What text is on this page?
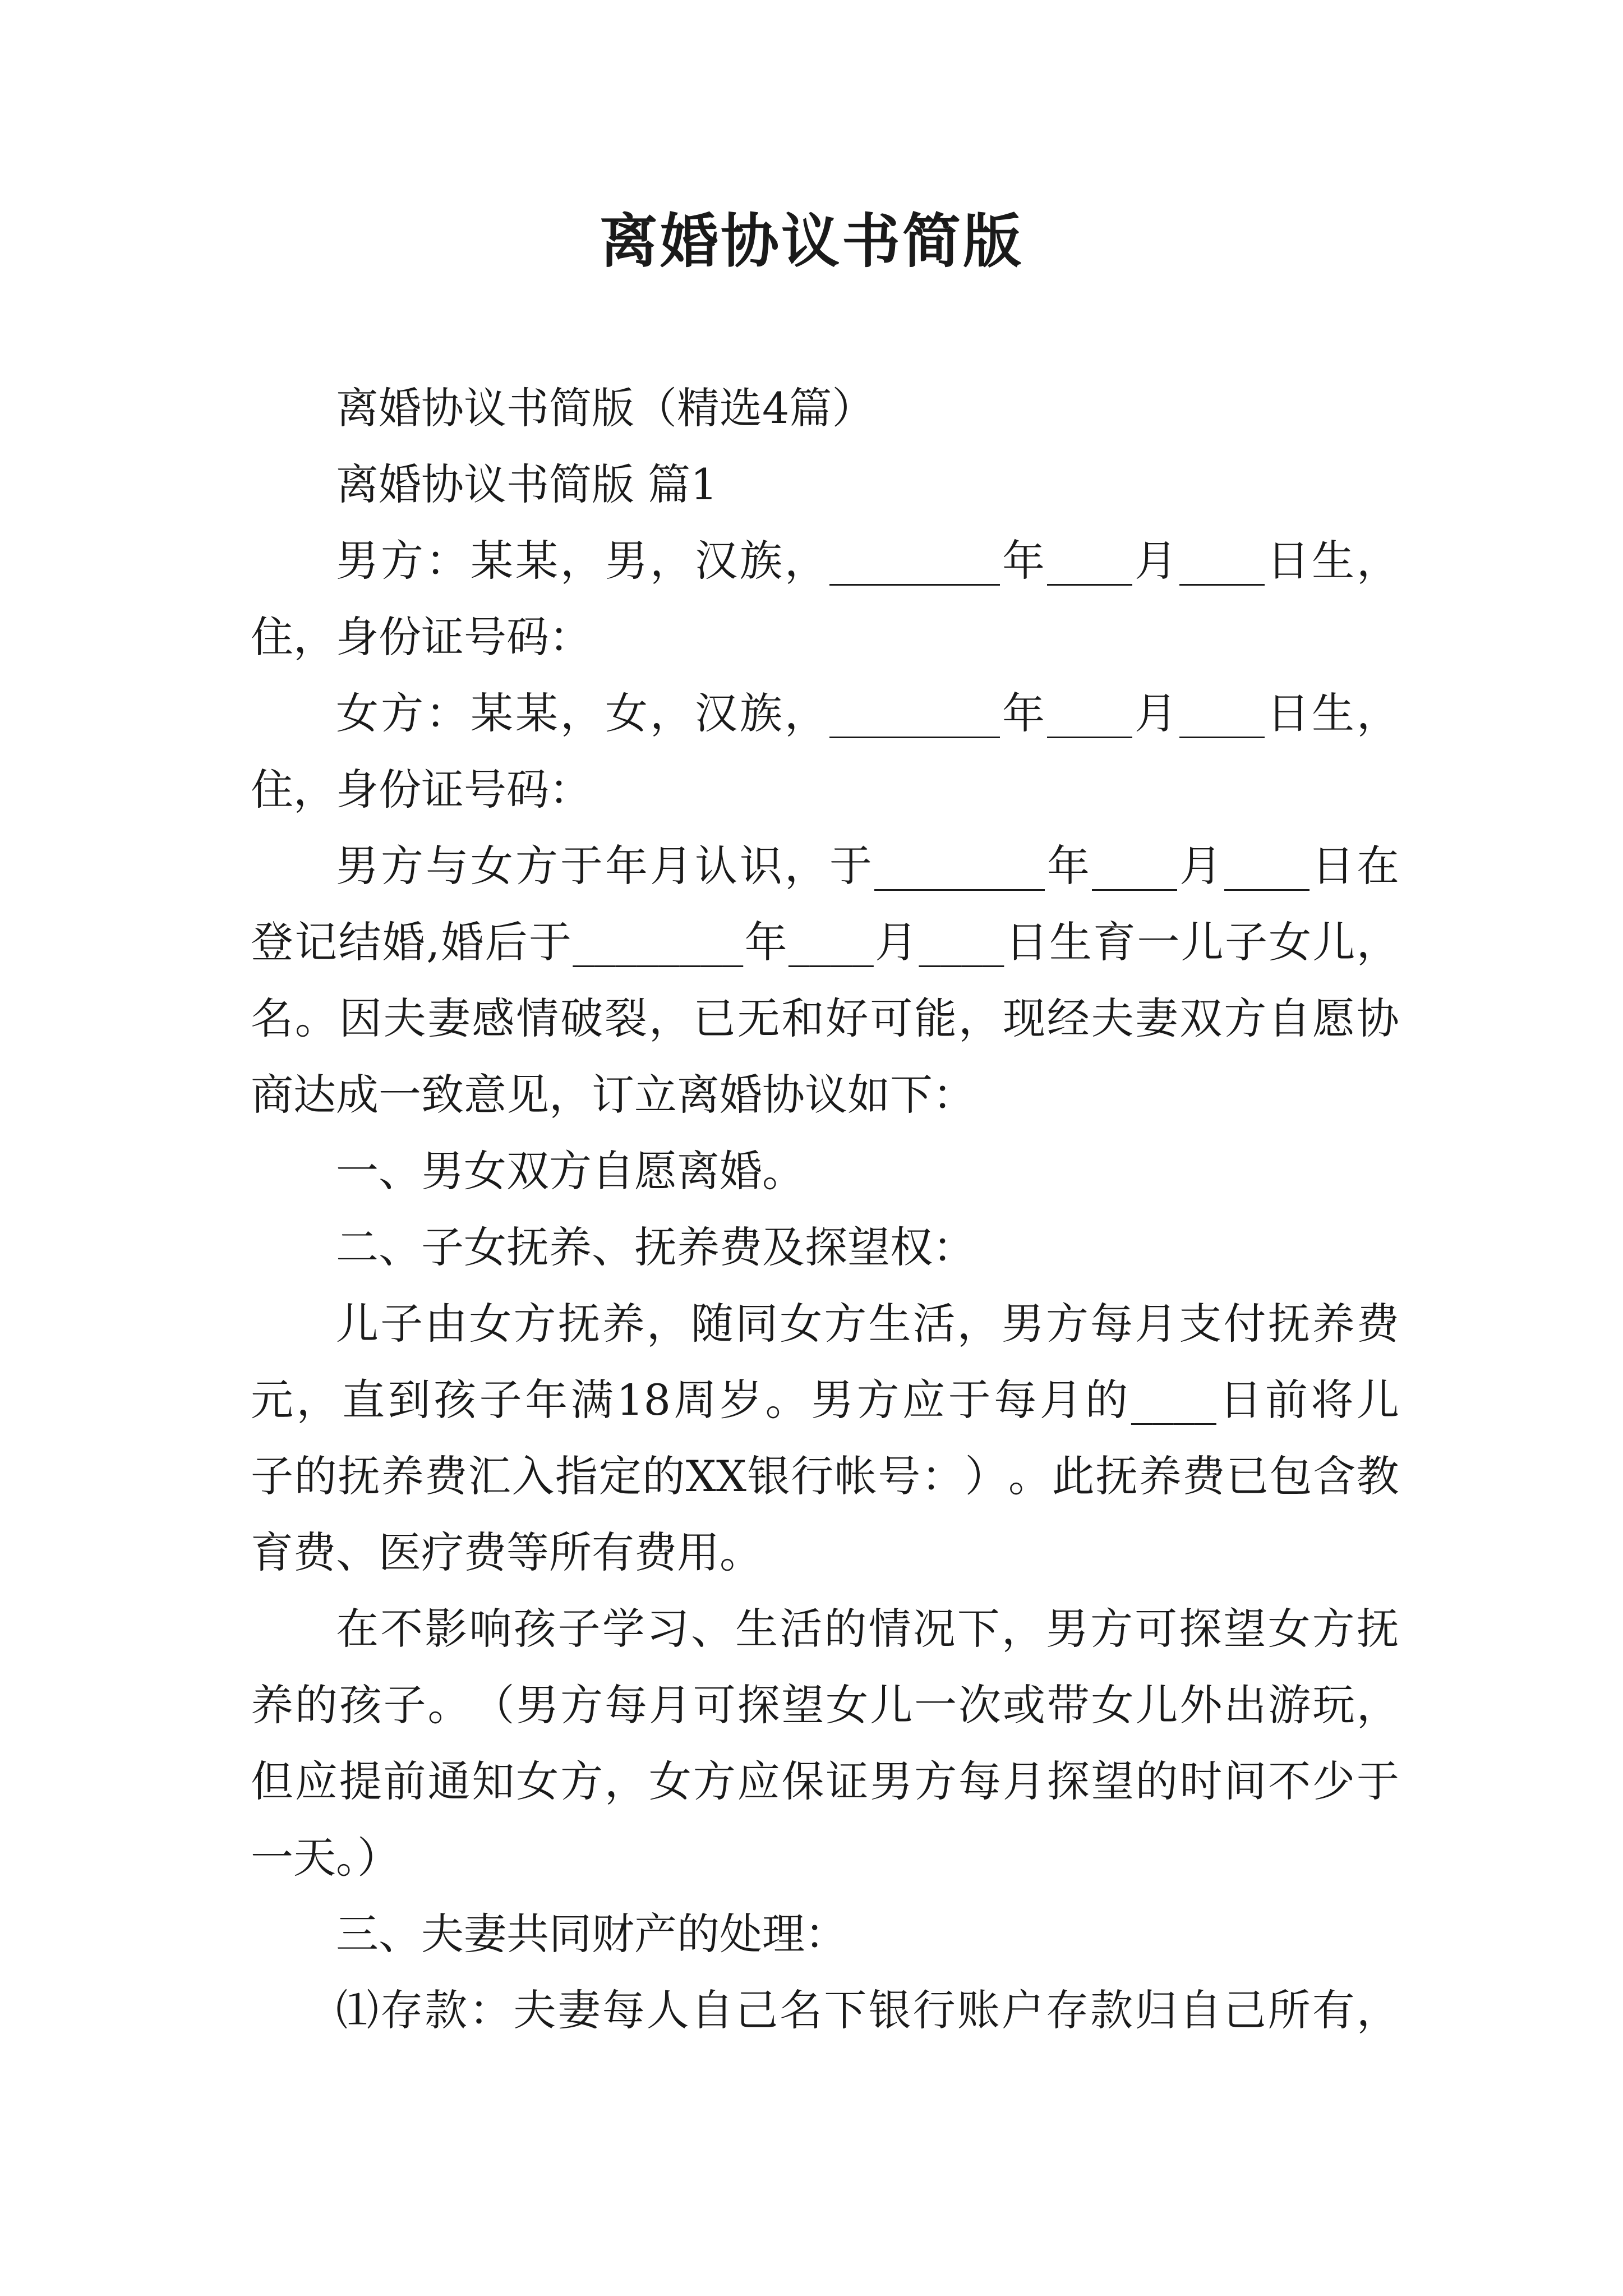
离婚协议书简版
离婚协议书简版（精选4篇）
离婚协议书简版 篇1
男 方 ： 某 某 ， 男 ， 汉 族 ， ________ 年 ____ 月 ____ 日 生 ，
住，身份证号码：
女 方 ： 某 某 ， 女 ， 汉 族 ， ________ 年 ____ 月 ____ 日 生 ，
住，身份证号码：
男 方 与 女 方 于 年 月 认 识 ， 于 ________ 年 ____ 月 ____ 日 在
登 记 结 婚 , 婚 后 于 ________ 年 ____ 月 ____ 日 生 育 一 儿 子 女 儿 ，
名 。 因 夫 妻 感 情 破 裂 ， 已 无 和 好 可 能 ， 现 经 夫 妻 双 方 自 愿 协
商达成一致意见，订立离婚协议如下：
一、男女双方自愿离婚。
二、子女抚养、抚养费及探望权：
儿 子 由 女 方 抚 养 ， 随 同 女 方 生 活 ， 男 方 每 月 支 付 抚 养 费
元 ， 直 到 孩 子 年 满 18 周 岁 。 男 方 应 于 每 月 的 ____ 日 前 将 儿
子 的 抚 养 费 汇 入 指 定 的 XX 银 行 帐 号 ： ） 。 此 抚 养 费 已 包 含 教
育费、医疗费等所有费用。
在 不 影 响 孩 子 学 习 、 生 活 的 情 况 下 ， 男 方 可 探 望 女 方 抚
养 的 孩 子 。 （ 男 方 每 月 可 探 望 女 儿 一 次 或 带 女 儿 外 出 游 玩 ，
但 应 提 前 通 知 女 方 ， 女 方 应 保 证 男 方 每 月 探 望 的 时 间 不 少 于
一天。）
三、夫妻共同财产的处理：
⑴ 存 款 ： 夫 妻 每 人 自 己 名 下 银 行 账 户 存 款 归 自 己 所 有 ，
